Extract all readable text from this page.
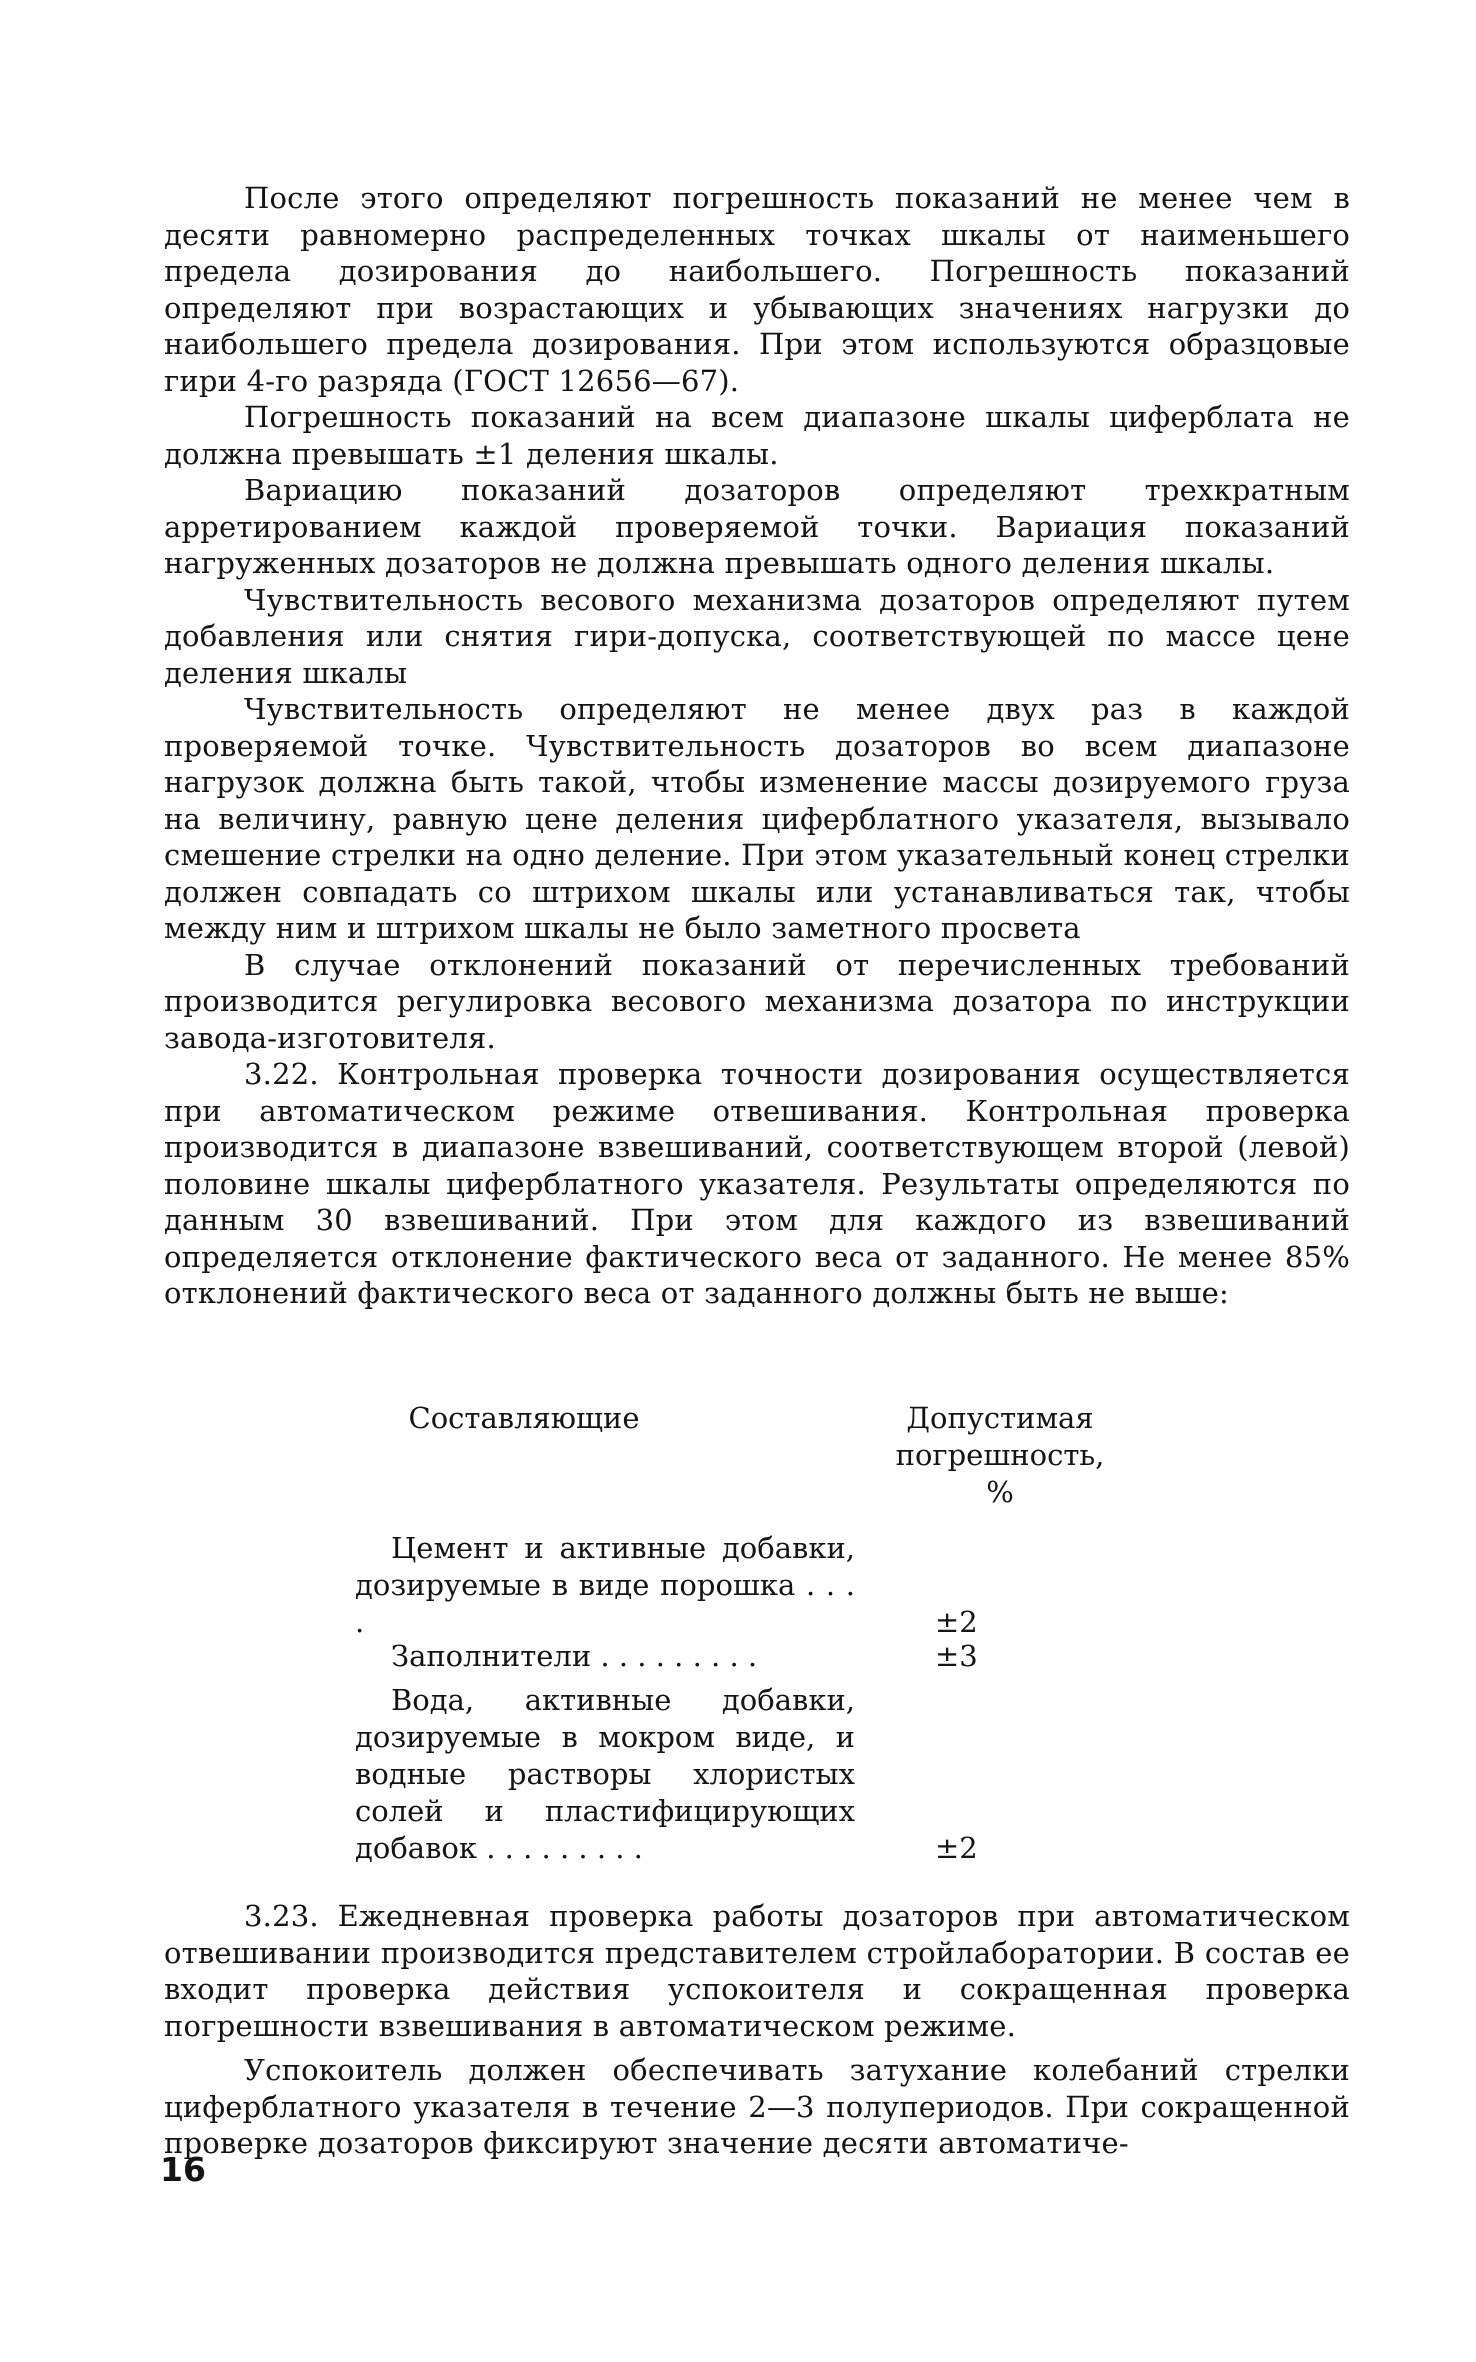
После этого определяют погрешность показаний не менее чем в десяти равномерно распределенных точках шкалы от наименьшего предела дозирования до наибольшего. Погрешность показаний определяют при возрастающих и убывающих значениях нагрузки до наибольшего предела дозирования. При этом используются образцовые гири 4-го разряда (ГОСТ 12656—67).

Погрешность показаний на всем диапазоне шкалы циферблата не должна превышать ±1 деления шкалы.

Вариацию показаний дозаторов определяют трехкратным арретированием каждой проверяемой точки. Вариация показаний нагруженных дозаторов не должна превышать одного деления шкалы.

Чувствительность весового механизма дозаторов определяют путем добавления или снятия гири-допуска, соответствующей по массе цене деления шкалы

Чувствительность определяют не менее двух раз в каждой проверяемой точке. Чувствительность дозаторов во всем диапазоне нагрузок должна быть такой, чтобы изменение массы дозируемого груза на величину, равную цене деления циферблатного указателя, вызывало смешение стрелки на одно деление. При этом указательный конец стрелки должен совпадать со штрихом шкалы или устанавливаться так, чтобы между ним и штрихом шкалы не было заметного просвета

В случае отклонений показаний от перечисленных требований производится регулировка весового механизма дозатора по инструкции завода-изготовителя.

3.22. Контрольная проверка точности дозирования осуществляется при автоматическом режиме отвешивания. Контрольная проверка производится в диапазоне взвешиваний, соответствующем второй (левой) половине шкалы циферблатного указателя. Результаты определяются по данным 30 взвешиваний. При этом для каждого из взвешиваний определяется отклонение фактического веса от заданного. Не менее 85% отклонений фактического веса от заданного должны быть не выше:

Составляющие	Допустимая
погрешность,
%
Цемент и активные добавки, дозируемые в виде порошка . . . .	±2
Заполнители . . . . . . . . .	±3
Вода, активные добавки, дозируемые в мокром виде, и водные растворы хлористых солей и пластифицирующих добавок . . . . . . . . .	±2

3.23. Ежедневная проверка работы дозаторов при автоматическом отвешивании производится представителем стройлаборатории. В состав ее входит проверка действия успокоителя и сокращенная проверка погрешности взвешивания в автоматическом режиме.

Успокоитель должен обеспечивать затухание колебаний стрелки циферблатного указателя в течение 2—3 полупериодов. При сокращенной проверке дозаторов фиксируют значение десяти автоматиче-

16
